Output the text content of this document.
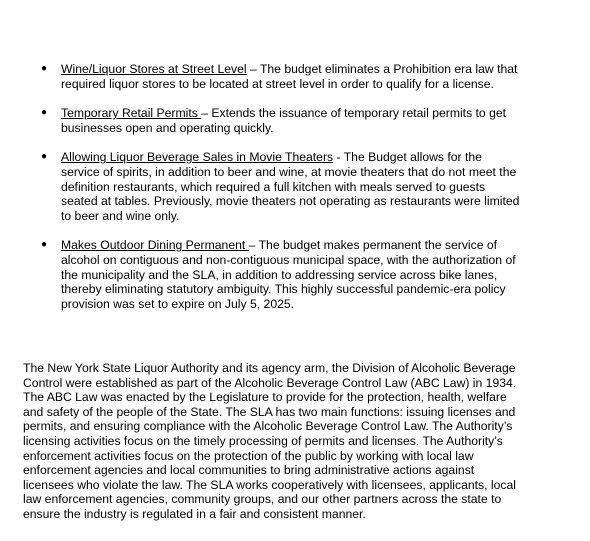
● Wine/Liquor Stores at Street Level – The budget eliminates a Prohibition era law that required liquor stores to be located at street level in order to qualify for a license.
● Temporary Retail Permits – Extends the issuance of temporary retail permits to get businesses open and operating quickly.
● Allowing Liquor Beverage Sales in Movie Theaters - The Budget allows for the service of spirits, in addition to beer and wine, at movie theaters that do not meet the definition restaurants, which required a full kitchen with meals served to guests seated at tables. Previously, movie theaters not operating as restaurants were limited to beer and wine only.
● Makes Outdoor Dining Permanent – The budget makes permanent the service of alcohol on contiguous and non-contiguous municipal space, with the authorization of the municipality and the SLA, in addition to addressing service across bike lanes, thereby eliminating statutory ambiguity. This highly successful pandemic-era policy provision was set to expire on July 5, 2025.

The New York State Liquor Authority and its agency arm, the Division of Alcoholic Beverage Control were established as part of the Alcoholic Beverage Control Law (ABC Law) in 1934. The ABC Law was enacted by the Legislature to provide for the protection, health, welfare and safety of the people of the State. The SLA has two main functions: issuing licenses and permits, and ensuring compliance with the Alcoholic Beverage Control Law. The Authority’s licensing activities focus on the timely processing of permits and licenses. The Authority’s enforcement activities focus on the protection of the public by working with local law enforcement agencies and local communities to bring administrative actions against licensees who violate the law. The SLA works cooperatively with licensees, applicants, local law enforcement agencies, community groups, and our other partners across the state to ensure the industry is regulated in a fair and consistent manner.
